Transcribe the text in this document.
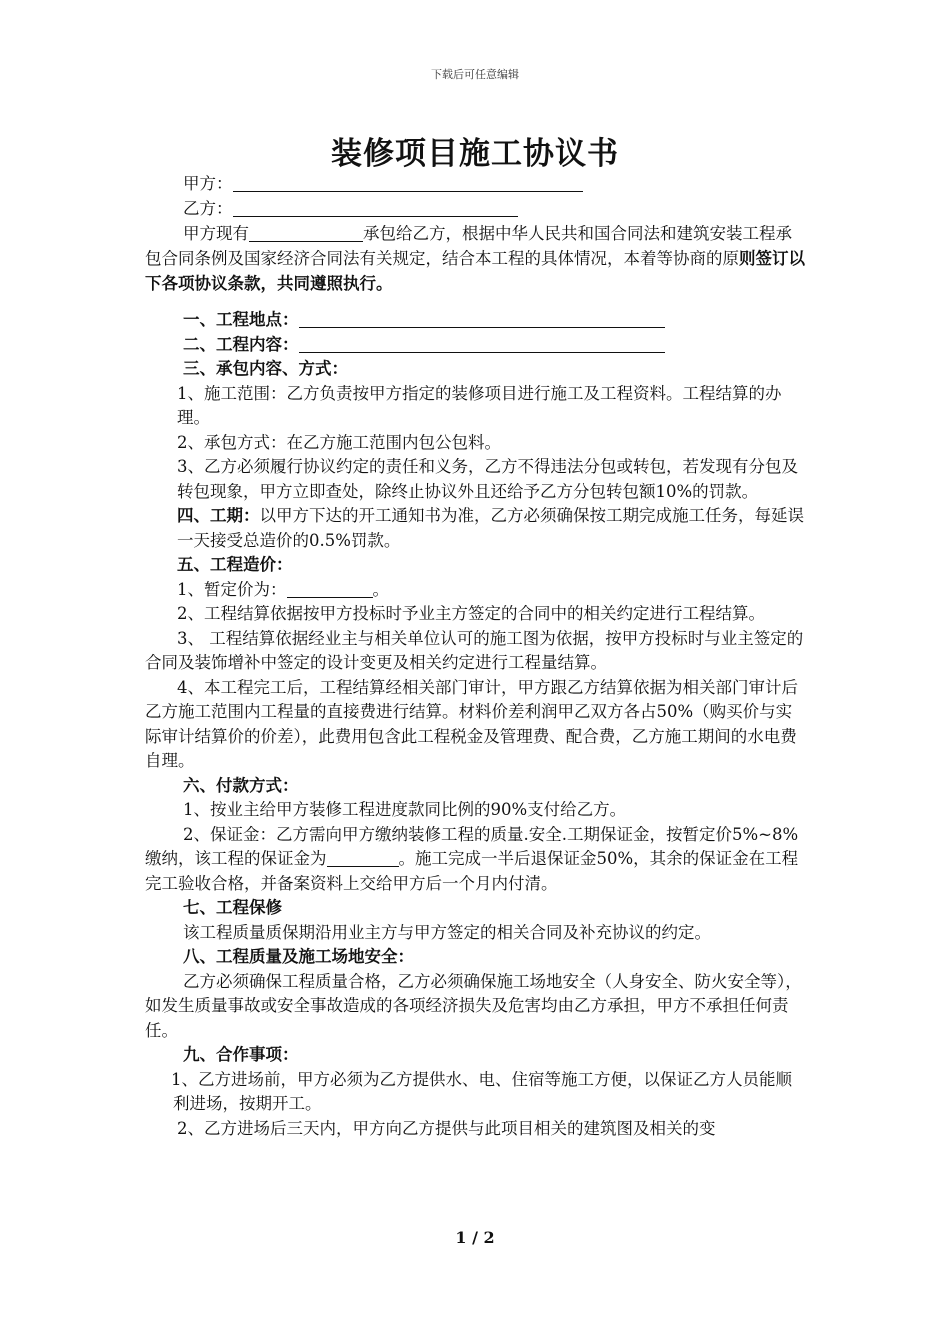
下载后可任意编辑
装修项目施工协议书

甲方：

乙方：

甲方现有	承包给乙方，根据中华人民共和国合同法和建筑安装工程承包合同条例及国家经济合同法有关规定，结合本工程的具体情况，本着等协商的原则签订以下各项协议条款，共同遵照执行。

一、工程地点：

二、工程内容：

三、承包内容、方式：

1、施工范围：乙方负责按甲方指定的装修项目进行施工及工程资料。工程结算的办理。

2、承包方式：在乙方施工范围内包公包料。

3、乙方必须履行协议约定的责任和义务，乙方不得违法分包或转包，若发现有分包及转包现象，甲方立即查处，除终止协议外且还给予乙方分包转包额10%的罚款。

四、工期：以甲方下达的开工通知书为准，乙方必须确保按工期完成施工任务，每延误一天接受总造价的0.5%罚款。

五、工程造价：

1、暂定价为：	。

2、工程结算依据按甲方投标时予业主方签定的合同中的相关约定进行工程结算。

3、 工程结算依据经业主与相关单位认可的施工图为依据，按甲方投标时与业主签定的合同及装饰增补中签定的设计变更及相关约定进行工程量结算。

4、本工程完工后，工程结算经相关部门审计，甲方跟乙方结算依据为相关部门审计后乙方施工范围内工程量的直接费进行结算。材料价差利润甲乙双方各占50%（购买价与实际审计结算价的价差），此费用包含此工程税金及管理费、配合费，乙方施工期间的水电费自理。

六、付款方式：

1、按业主给甲方装修工程进度款同比例的90%支付给乙方。

2、保证金：乙方需向甲方缴纳装修工程的质量.安全.工期保证金，按暂定价5%~8%缴纳，该工程的保证金为	。施工完成一半后退保证金50%，其余的保证金在工程完工验收合格，并备案资料上交给甲方后一个月内付清。

七、工程保修

该工程质量质保期沿用业主方与甲方签定的相关合同及补充协议的约定。

八、工程质量及施工场地安全：

乙方必须确保工程质量合格，乙方必须确保施工场地安全（人身安全、防火安全等），如发生质量事故或安全事故造成的各项经济损失及危害均由乙方承担，甲方不承担任何责任。

九、合作事项：

1、乙方进场前，甲方必须为乙方提供水、电、住宿等施工方便，以保证乙方人员能顺利进场，按期开工。

2、乙方进场后三天内，甲方向乙方提供与此项目相关的建筑图及相关的变

1 / 2
